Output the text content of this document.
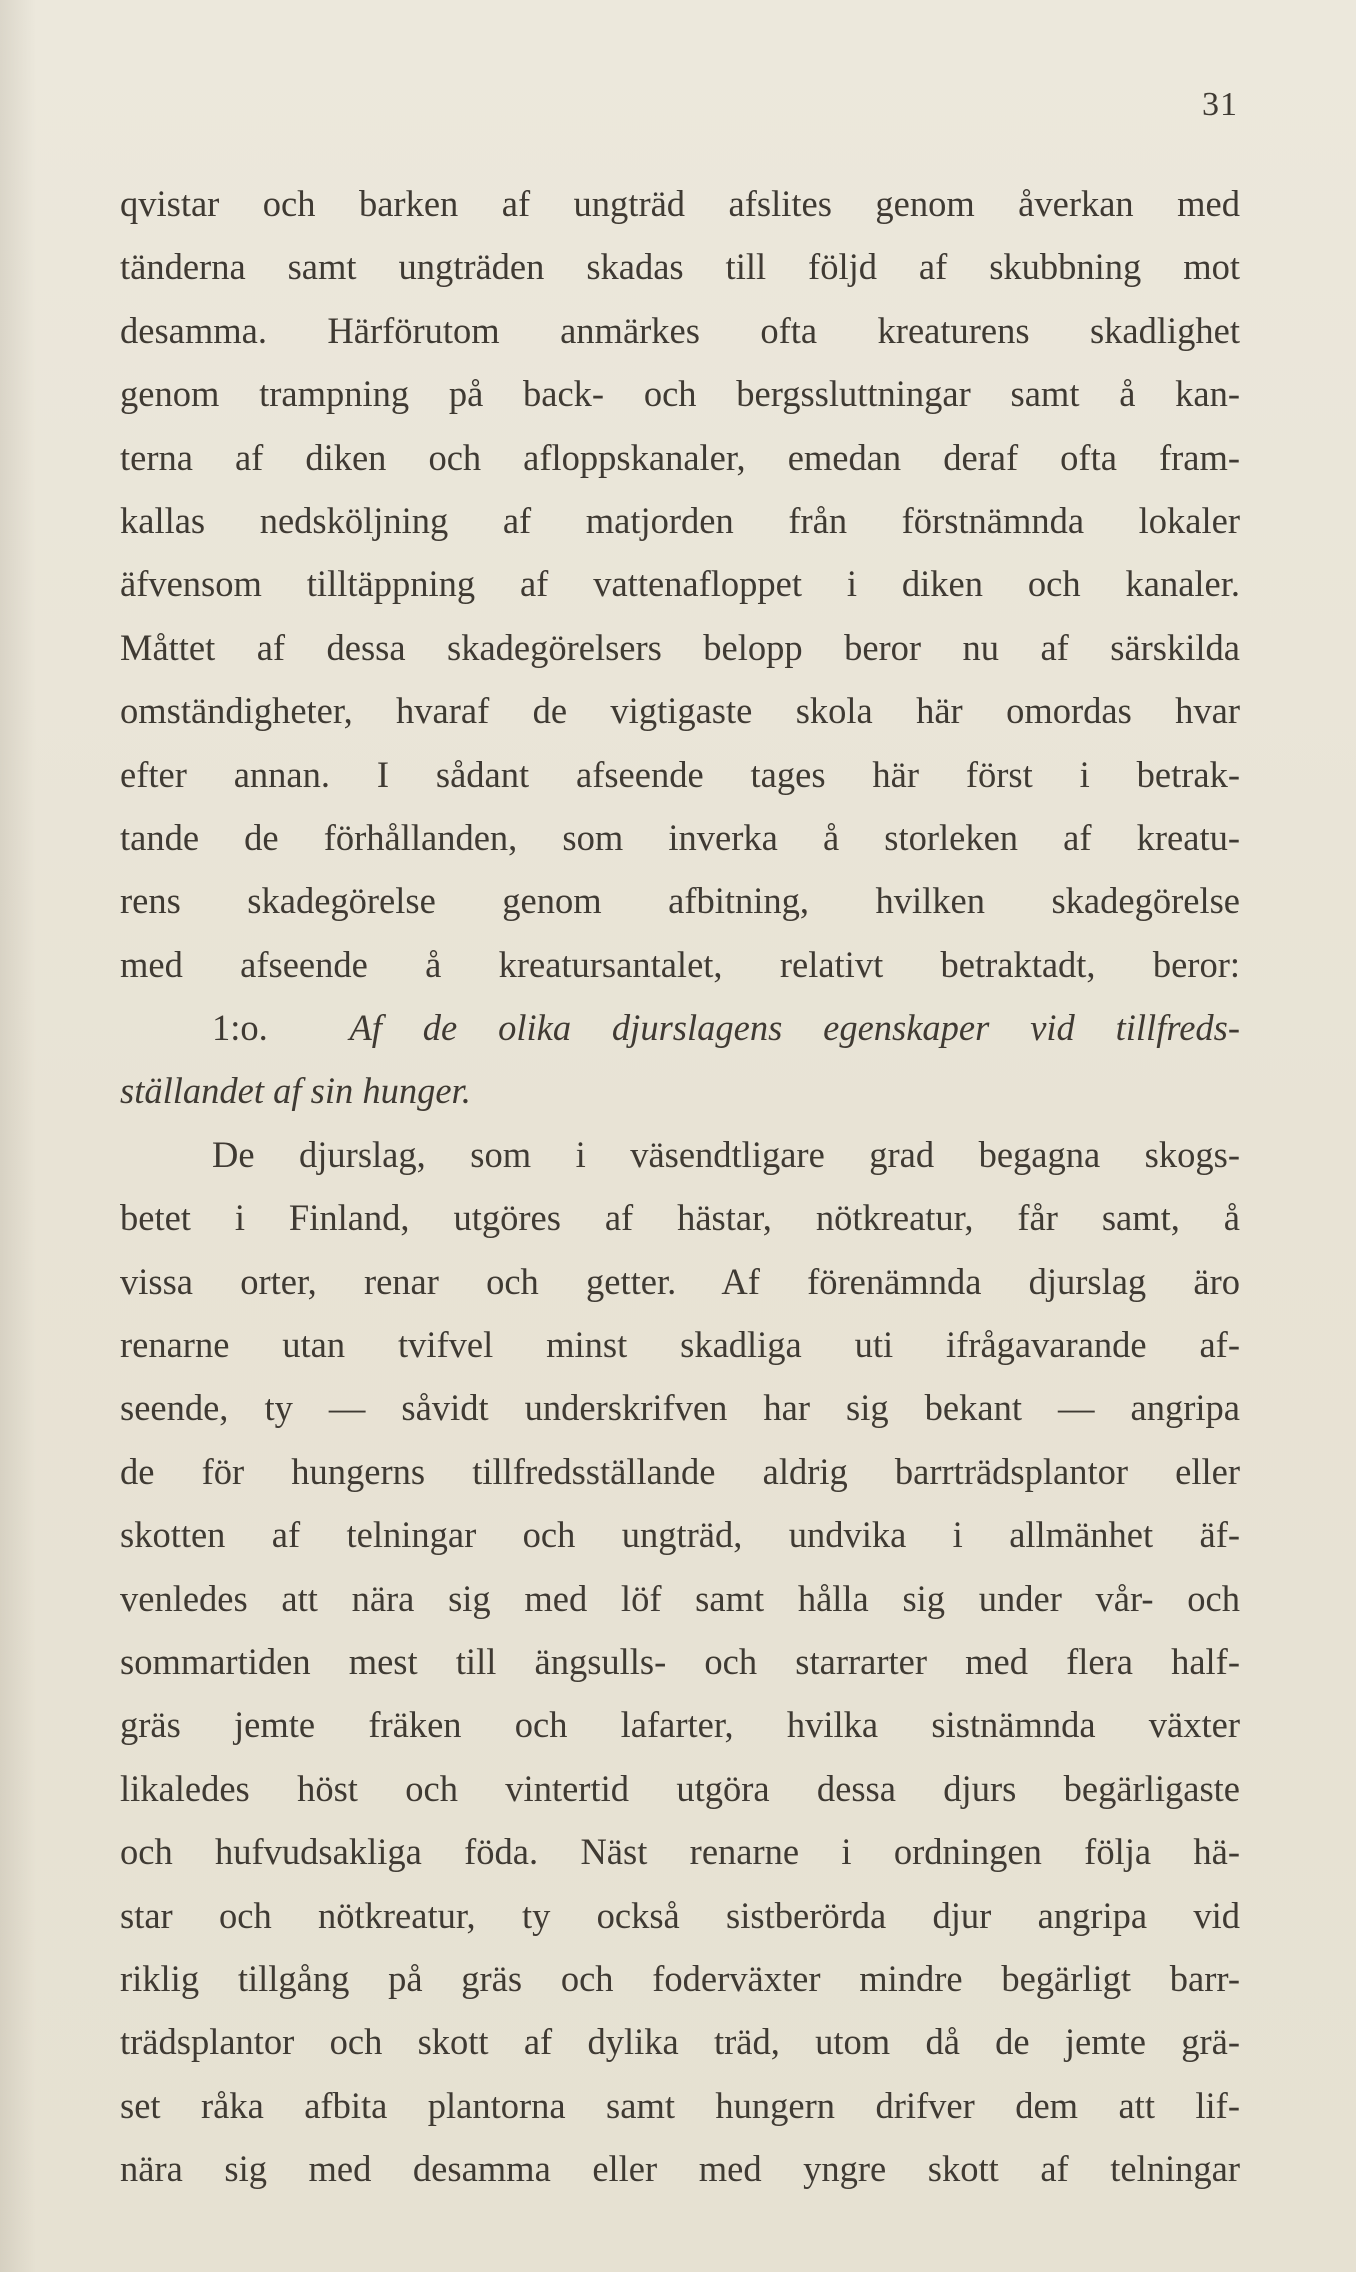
31
qvistar och barken af ungträd afslites genom åverkan med
tänderna samt ungträden skadas till följd af skubbning mot
desamma. Härförutom anmärkes ofta kreaturens skadlighet
genom trampning på back- och bergssluttningar samt å kan-
terna af diken och afloppskanaler, emedan deraf ofta fram-
kallas nedsköljning af matjorden från förstnämnda lokaler
äfvensom tilltäppning af vattenafloppet i diken och kanaler.
Måttet af dessa skadegörelsers belopp beror nu af särskilda
omständigheter, hvaraf de vigtigaste skola här omordas hvar
efter annan. I sådant afseende tages här först i betrak-
tande de förhållanden, som inverka å storleken af kreatu-
rens skadegörelse genom afbitning, hvilken skadegörelse
med afseende å kreatursantalet, relativt betraktadt, beror:
1:o. Af de olika djurslagens egenskaper vid tillfreds-
ställandet af sin hunger.
De djurslag, som i väsendtligare grad begagna skogs-
betet i Finland, utgöres af hästar, nötkreatur, får samt, å
vissa orter, renar och getter. Af förenämnda djurslag äro
renarne utan tvifvel minst skadliga uti ifrågavarande af-
seende, ty — såvidt underskrifven har sig bekant — angripa
de för hungerns tillfredsställande aldrig barrträdsplantor eller
skotten af telningar och ungträd, undvika i allmänhet äf-
venledes att nära sig med löf samt hålla sig under vår- och
sommartiden mest till ängsulls- och starrarter med flera half-
gräs jemte fräken och lafarter, hvilka sistnämnda växter
likaledes höst och vintertid utgöra dessa djurs begärligaste
och hufvudsakliga föda. Näst renarne i ordningen följa hä-
star och nötkreatur, ty också sistberörda djur angripa vid
riklig tillgång på gräs och foderväxter mindre begärligt barr-
trädsplantor och skott af dylika träd, utom då de jemte grä-
set råka afbita plantorna samt hungern drifver dem att lif-
nära sig med desamma eller med yngre skott af telningar
